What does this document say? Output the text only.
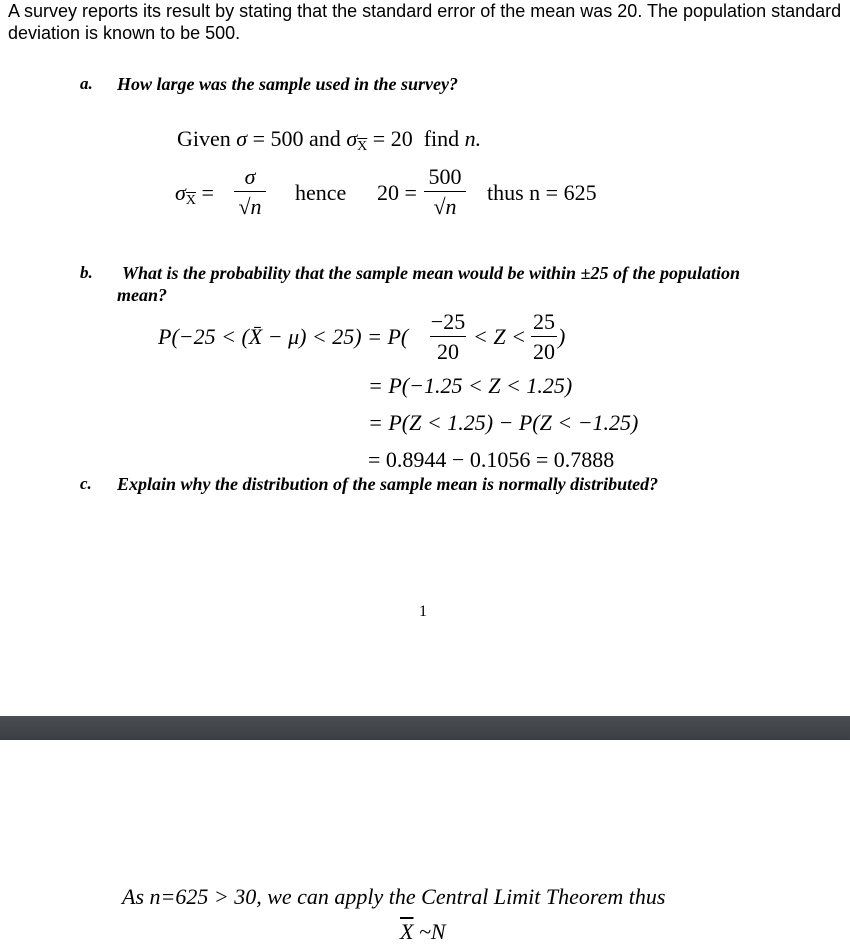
A survey reports its result by stating that the standard error of the mean was 20. The population standard
deviation is known to be 500.
a. How large was the sample used in the survey?
Given σ = 500 and $\sigma\overline{X} = 20$ find n.
$\sigma\overline{X}$ =
σ
√n
hence 20 =
500
√n
thus n = 625
b. What is the probability that the sample mean would be within ±25 of the population
mean?
P(−25 < (X̄ − μ) < 25) = P(
−25
20
< Z <
25
20
)
= P(−1.25 < Z < 1.25)
= P(Z < 1.25) − P(Z < −1.25)
= 0.8944 − 0.1056 = 0.7888
c. Explain why the distribution of the sample mean is normally distributed?
1
As n=625 > 30, we can apply the Central Limit Theorem thus
$\overline{X}$ ~N
